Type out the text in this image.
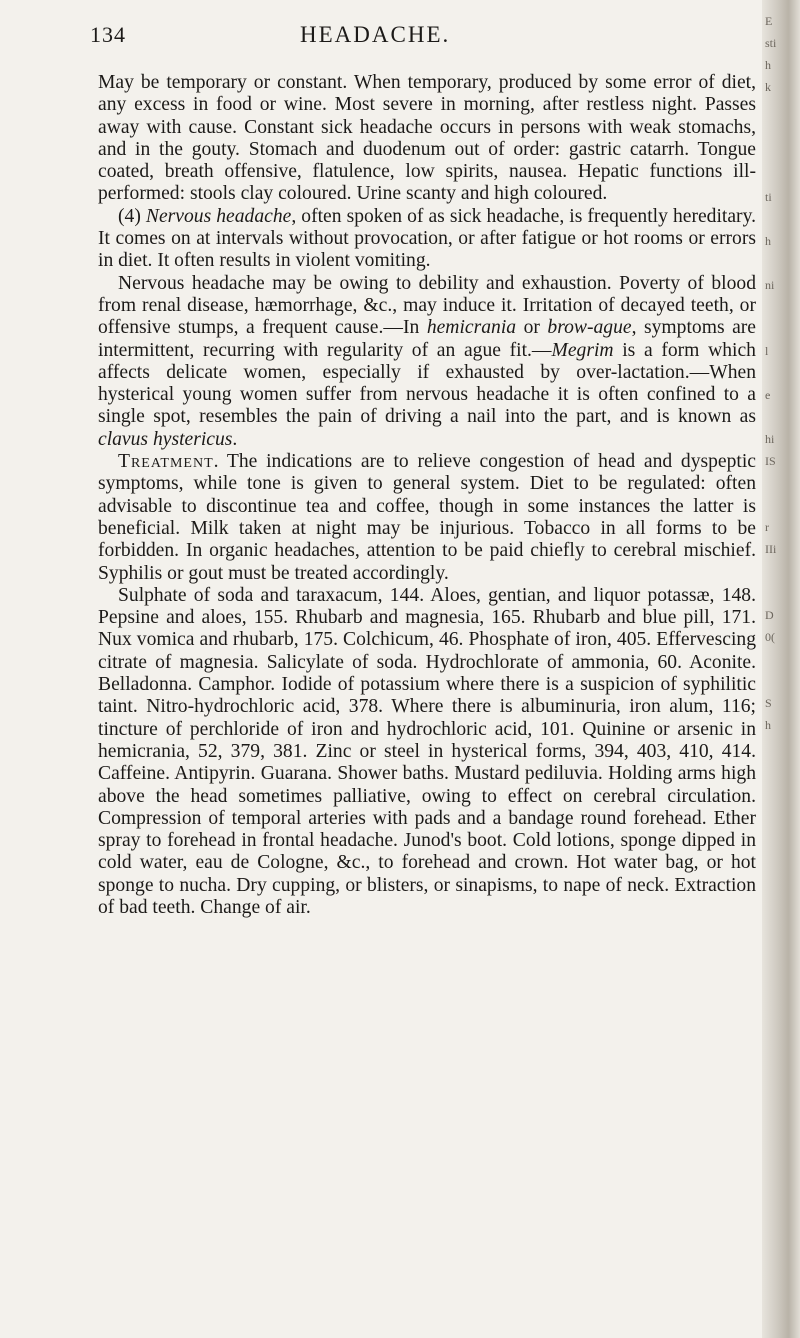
134	HEADACHE.

May be temporary or constant. When temporary, produced by some error of diet, any excess in food or wine. Most severe in morning, after restless night. Passes away with cause. Constant sick headache occurs in persons with weak stomachs, and in the gouty. Stomach and duodenum out of order: gastric catarrh. Tongue coated, breath offensive, flatulence, low spirits, nausea. Hepatic functions ill-performed: stools clay coloured. Urine scanty and high coloured.

(4) Nervous headache, often spoken of as sick headache, is frequently hereditary. It comes on at intervals without provocation, or after fatigue or hot rooms or errors in diet. It often results in violent vomiting.

Nervous headache may be owing to debility and exhaustion. Poverty of blood from renal disease, hæmorrhage, &c., may induce it. Irritation of decayed teeth, or offensive stumps, a frequent cause.—In hemicrania or brow-ague, symptoms are intermittent, recurring with regularity of an ague fit.—Megrim is a form which affects delicate women, especially if exhausted by over-lactation.—When hysterical young women suffer from nervous headache it is often confined to a single spot, resembles the pain of driving a nail into the part, and is known as clavus hystericus.

Treatment. The indications are to relieve congestion of head and dyspeptic symptoms, while tone is given to general system. Diet to be regulated: often advisable to discontinue tea and coffee, though in some instances the latter is beneficial. Milk taken at night may be injurious. Tobacco in all forms to be forbidden. In organic headaches, attention to be paid chiefly to cerebral mischief. Syphilis or gout must be treated accordingly.

Sulphate of soda and taraxacum, 144. Aloes, gentian, and liquor potassæ, 148. Pepsine and aloes, 155. Rhubarb and magnesia, 165. Rhubarb and blue pill, 171. Nux vomica and rhubarb, 175. Colchicum, 46. Phosphate of iron, 405. Effervescing citrate of magnesia. Salicylate of soda. Hydrochlorate of ammonia, 60. Aconite. Belladonna. Camphor. Iodide of potassium where there is a suspicion of syphilitic taint. Nitro-hydrochloric acid, 378. Where there is albuminuria, iron alum, 116; tincture of perchloride of iron and hydrochloric acid, 101. Quinine or arsenic in hemicrania, 52, 379, 381. Zinc or steel in hysterical forms, 394, 403, 410, 414. Caffeine. Antipyrin. Guarana. Shower baths. Mustard pediluvia. Holding arms high above the head sometimes palliative, owing to effect on cerebral circulation. Compression of temporal arteries with pads and a bandage round forehead. Ether spray to forehead in frontal headache. Junod's boot. Cold lotions, sponge dipped in cold water, eau de Cologne, &c., to forehead and crown. Hot water bag, or hot sponge to nucha. Dry cupping, or blisters, or sinapisms, to nape of neck. Extraction of bad teeth. Change of air.

E
sti
h
k
ti
h
ni
l
e
hi
IS
r
IIi
D
0(
S
h
